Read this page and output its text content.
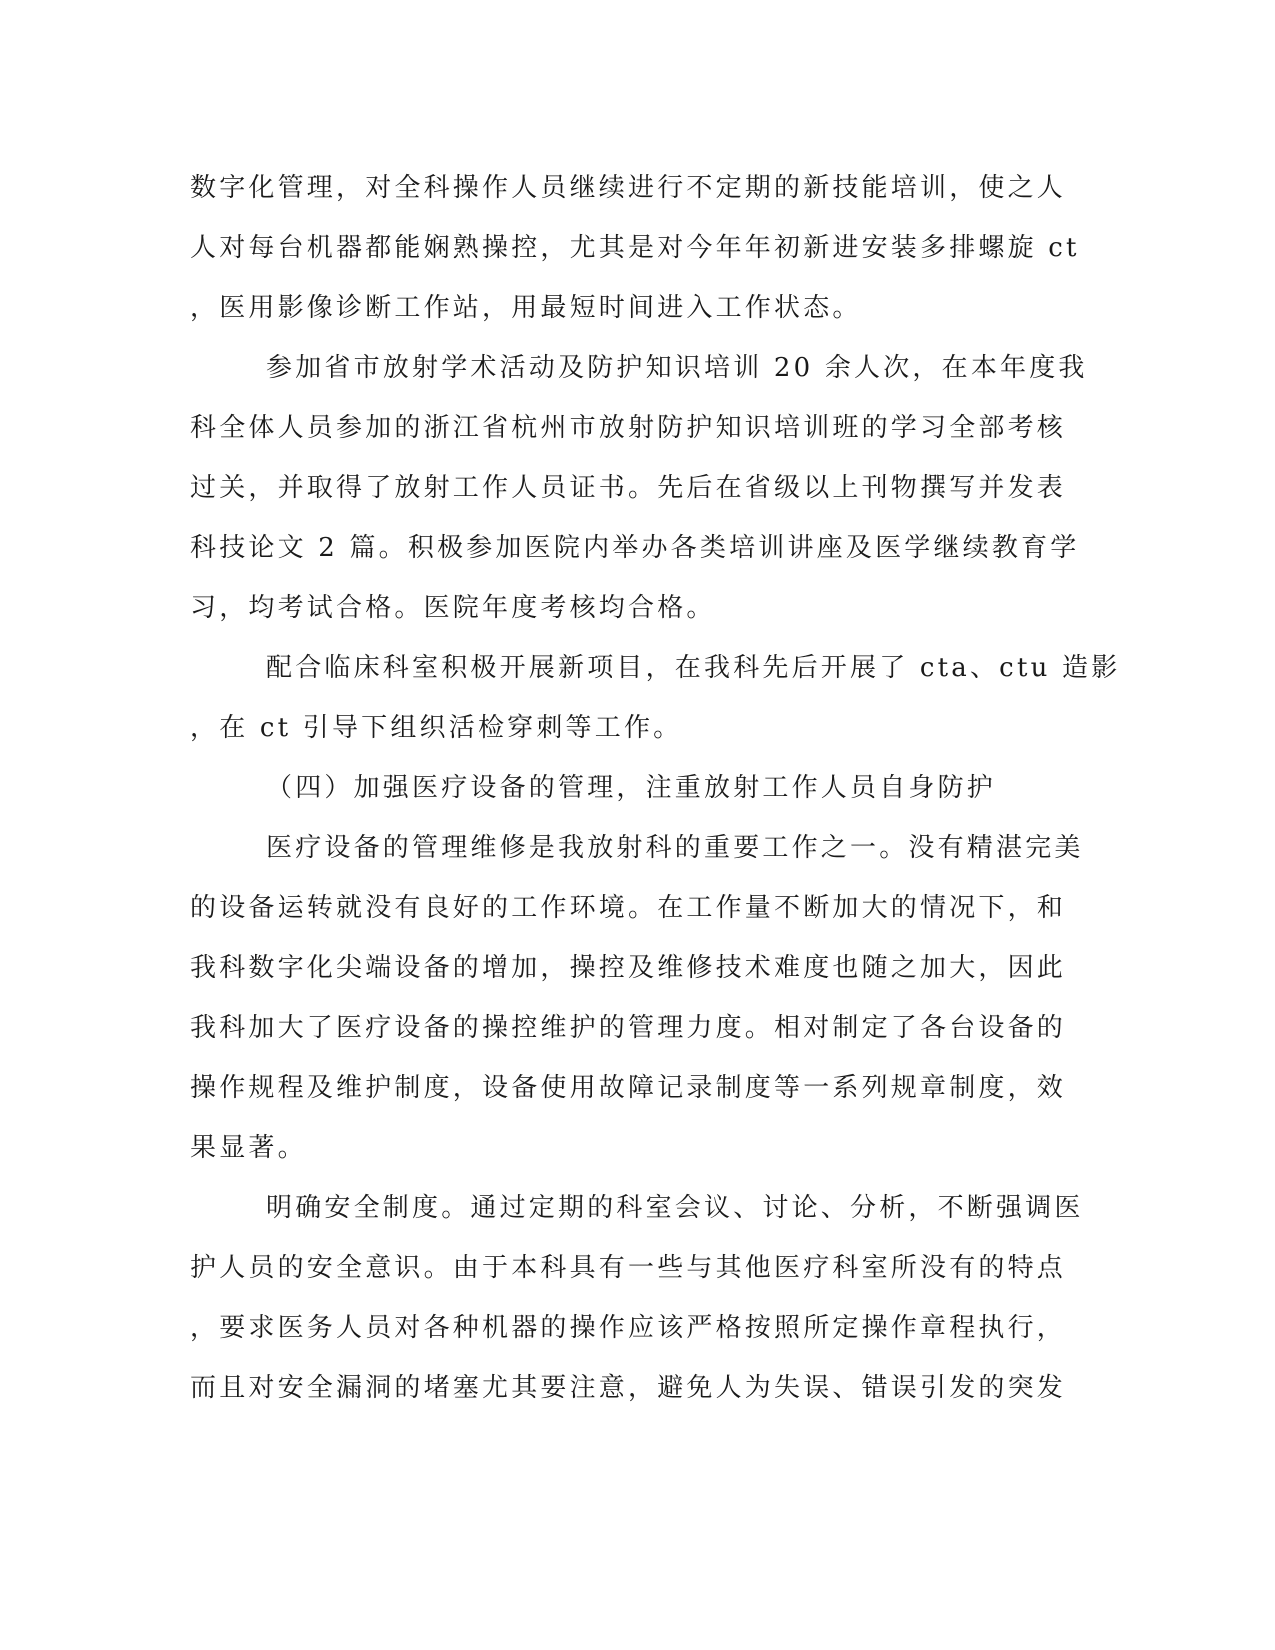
数字化管理，对全科操作人员继续进行不定期的新技能培训，使之人
人对每台机器都能娴熟操控，尤其是对今年年初新进安装多排螺旋 ct
，医用影像诊断工作站，用最短时间进入工作状态。
参加省市放射学术活动及防护知识培训 20 余人次，在本年度我
科全体人员参加的浙江省杭州市放射防护知识培训班的学习全部考核
过关，并取得了放射工作人员证书。先后在省级以上刊物撰写并发表
科技论文 2 篇。积极参加医院内举办各类培训讲座及医学继续教育学
习，均考试合格。医院年度考核均合格。
配合临床科室积极开展新项目，在我科先后开展了 cta、ctu 造影
，在 ct 引导下组织活检穿刺等工作。
（四）加强医疗设备的管理，注重放射工作人员自身防护
医疗设备的管理维修是我放射科的重要工作之一。没有精湛完美
的设备运转就没有良好的工作环境。在工作量不断加大的情况下，和
我科数字化尖端设备的增加，操控及维修技术难度也随之加大，因此
我科加大了医疗设备的操控维护的管理力度。相对制定了各台设备的
操作规程及维护制度，设备使用故障记录制度等一系列规章制度，效
果显著。
明确安全制度。通过定期的科室会议、讨论、分析，不断强调医
护人员的安全意识。由于本科具有一些与其他医疗科室所没有的特点
，要求医务人员对各种机器的操作应该严格按照所定操作章程执行，
而且对安全漏洞的堵塞尤其要注意，避免人为失误、错误引发的突发
